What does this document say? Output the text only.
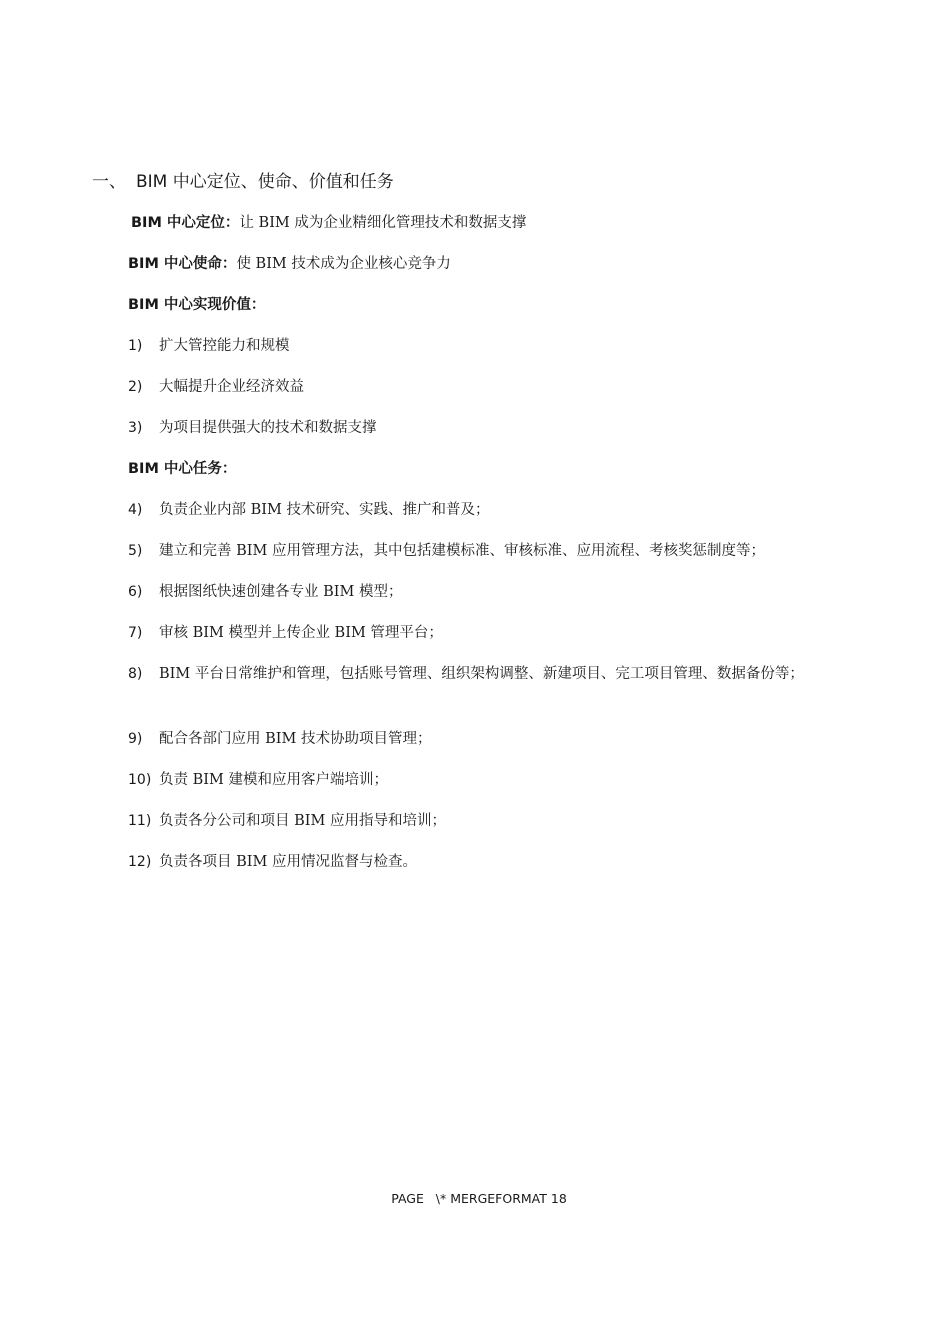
一、 BIM 中心定位、使命、价值和任务
BIM 中心定位：让 BIM 成为企业精细化管理技术和数据支撑
BIM 中心使命：使 BIM 技术成为企业核心竞争力
BIM 中心实现价值：
1) 扩大管控能力和规模
2) 大幅提升企业经济效益
3) 为项目提供强大的技术和数据支撑
BIM 中心任务：
4) 负责企业内部 BIM 技术研究、实践、推广和普及；
5) 建立和完善 BIM 应用管理方法，其中包括建模标准、审核标准、应用流程、考核奖惩制度等；
6) 根据图纸快速创建各专业 BIM 模型；
7) 审核 BIM 模型并上传企业 BIM 管理平台；
8) BIM 平台日常维护和管理，包括账号管理、组织架构调整、新建项目、完工项目管理、数据备份等；
9) 配合各部门应用 BIM 技术协助项目管理；
10) 负责 BIM 建模和应用客户端培训；
11) 负责各分公司和项目 BIM 应用指导和培训；
12) 负责各项目 BIM 应用情况监督与检查。
PAGE   \* MERGEFORMAT 18
